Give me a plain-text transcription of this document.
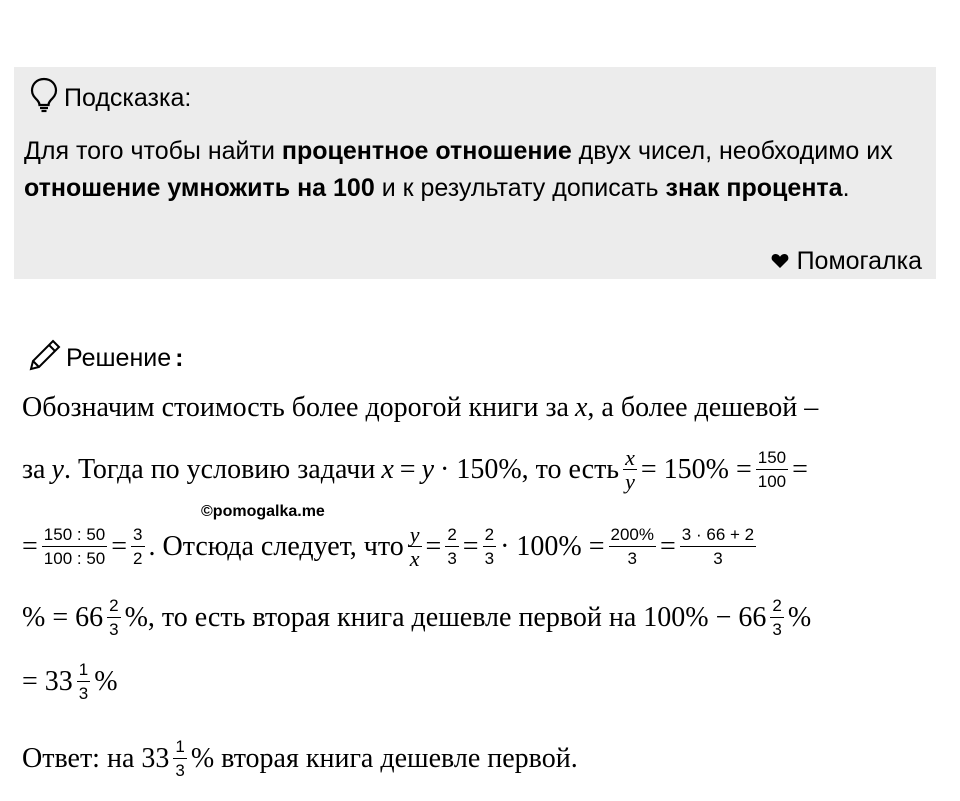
Подсказка:
Для того чтобы найти процентное отношение двух чисел, необходимо их отношение умножить на 100 и к результату дописать знак процента.
Помогалка
Решение :
Обозначим стоимость более дорогой книги за x , а более дешевой –
за y . Тогда по условию задачи x = y · 150%, то есть $\frac{x}{y} = 150\% = \frac{150}{100}$ =
©pomogalka.me
= $\frac{150 : 50}{100 : 50} = \frac{3}{2}$ . Отсюда следует, что $\frac{y}{x} = \frac{2}{3} = \frac{2}{3} \cdot 100\% = \frac{200\%}{3} = \frac{3 \cdot 66 + 2}{3}$
% = $66 \frac{2}{3}$ %, то есть вторая книга дешевле первой на $100\% - 66 \frac{2}{3}$ %
= $33 \frac{1}{3}$ %
Ответ: на $33 \frac{1}{3}$ % вторая книга дешевле первой.
